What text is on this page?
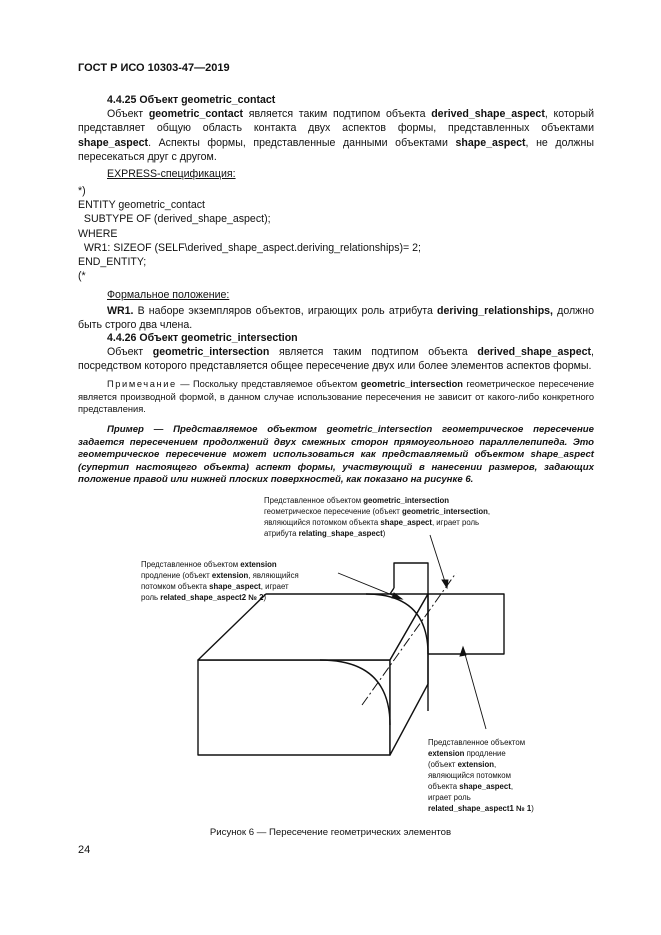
ГОСТ Р ИСО 10303-47—2019

4.4.25 Объект geometric_contact

Объект geometric_contact является таким подтипом объекта derived_shape_aspect, который представляет общую область контакта двух аспектов формы, представленных объектами shape_aspect. Аспекты формы, представленные данными объектами shape_aspect, не должны пересекаться друг с другом.

EXPRESS-спецификация:

*)
ENTITY geometric_contact
SUBTYPE OF (derived_shape_aspect);
WHERE
WR1: SIZEOF (SELF\derived_shape_aspect.deriving_relationships)= 2;
END_ENTITY;
(*

Формальное положение:

WR1. В наборе экземпляров объектов, играющих роль атрибута deriving_relationships, должно быть строго два члена.

4.4.26 Объект geometric_intersection

Объект geometric_intersection является таким подтипом объекта derived_shape_aspect, посредством которого представляется общее пересечение двух или более элементов аспектов формы.

Примечание — Поскольку представляемое объектом geometric_intersection геометрическое пересечение является производной формой, в данном случае использование пересечения не зависит от какого-либо конкретного представления.

Пример — Представляемое объектом geometric_intersection геометрическое пересечение задается пересечением продолжений двух смежных сторон прямоугольного параллелепипеда. Это геометрическое пересечение может использоваться как представляемый объектом shape_aspect (супертип настоящего объекта) аспект формы, участвующий в нанесении размеров, задающих положение правой или нижней плоских поверхностей, как показано на рисунке 6.

Представленное объектом geometric_intersection геометрическое пересечение (объект geometric_intersection, являющийся потомком объекта shape_aspect, играет роль атрибута relating_shape_aspect)
Представленное объектом extension продление (объект extension, являющийся потомком объекта shape_aspect, играет роль related_shape_aspect2 № 2)
Представленное объектом extension продление (объект extension, являющийся потомком объекта shape_aspect, играет роль related_shape_aspect1 № 1)
Рисунок 6 — Пересечение геометрических элементов
24
